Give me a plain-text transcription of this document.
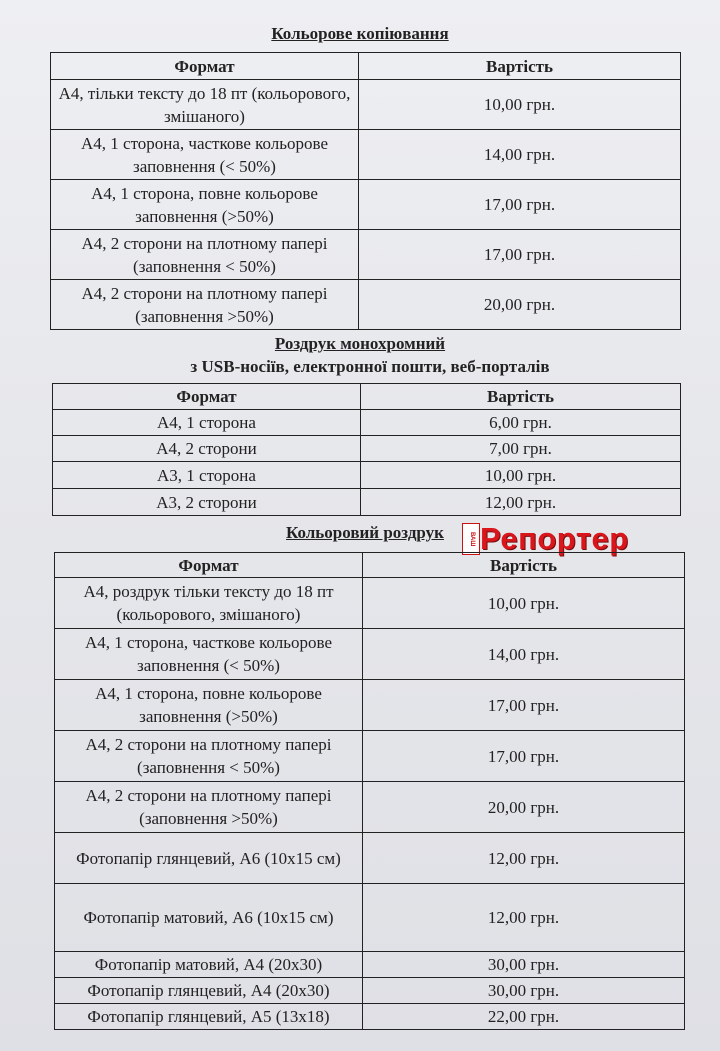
Кольорове копіювання
Формат	Вартість
А4, тільки тексту до 18 пт (кольорового, змішаного)	10,00 грн.
А4, 1 сторона, часткове кольорове заповнення (< 50%)	14,00 грн.
А4, 1 сторона, повне кольорове заповнення (>50%)	17,00 грн.
А4, 2 сторони на плотному папері (заповнення < 50%)	17,00 грн.
А4, 2 сторони на плотному папері (заповнення >50%)	20,00 грн.
Роздрук монохромний
з USB-носіїв, електронної пошти, веб-порталів
Формат	Вартість
А4, 1 сторона	6,00 грн.
А4, 2 сторони	7,00 грн.
А3, 1 сторона	10,00 грн.
А3, 2 сторони	12,00 грн.
Кольоровий роздрук	ВАШ Репортер
Формат	Вартість
А4, роздрук тільки тексту до 18 пт (кольорового, змішаного)	10,00 грн.
А4, 1 сторона, часткове кольорове заповнення (< 50%)	14,00 грн.
А4, 1 сторона, повне кольорове заповнення (>50%)	17,00 грн.
А4, 2 сторони на плотному папері (заповнення < 50%)	17,00 грн.
А4, 2 сторони на плотному папері (заповнення >50%)	20,00 грн.
Фотопапір глянцевий, А6 (10х15 см)	12,00 грн.
Фотопапір матовий, А6 (10х15 см)	12,00 грн.
Фотопапір матовий, А4 (20х30)	30,00 грн.
Фотопапір глянцевий, А4 (20х30)	30,00 грн.
Фотопапір глянцевий, А5 (13х18)	22,00 грн.
